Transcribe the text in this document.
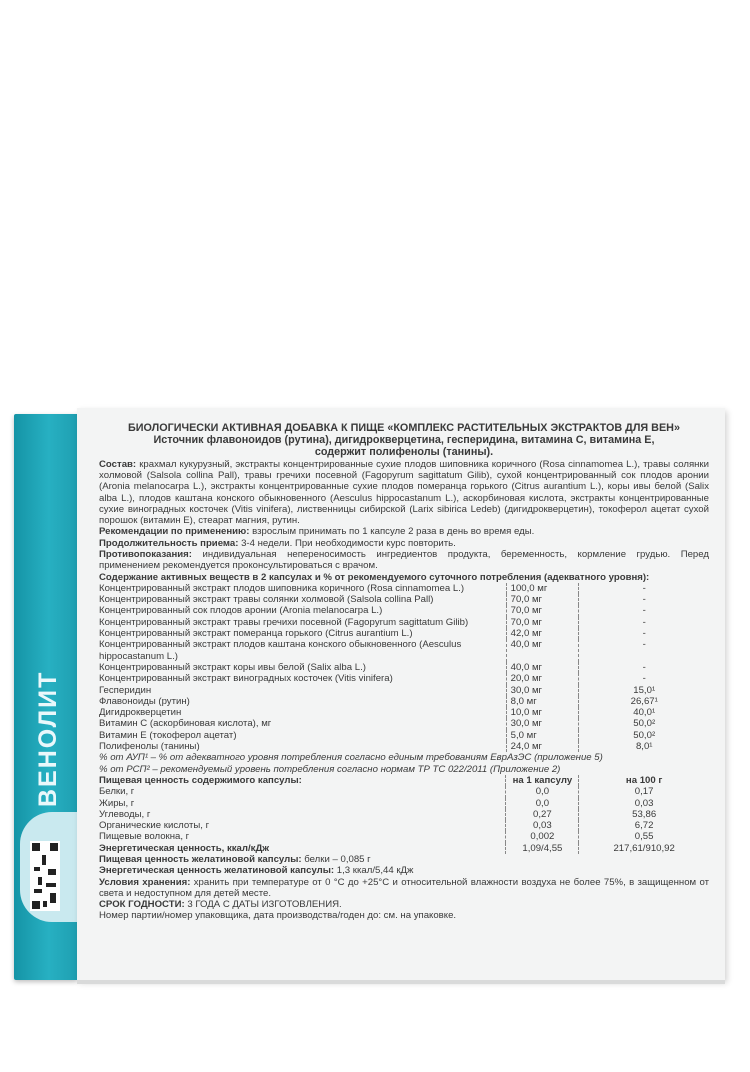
ВЕНОЛИТ
БИОЛОГИЧЕСКИ АКТИВНАЯ ДОБАВКА К ПИЩЕ «КОМПЛЕКС РАСТИТЕЛЬНЫХ ЭКСТРАКТОВ ДЛЯ ВЕН»
Источник флавоноидов (рутина), дигидрокверцетина, гесперидина, витамина С, витамина Е,
содержит полифенолы (танины).

Состав: крахмал кукурузный, экстракты концентрированные сухие плодов шиповника коричного (Rosa cinnamomea L.), травы солянки холмовой (Salsola collina Pall), травы гречихи посевной (Fagopyrum sagittatum Gilib), сухой концентрированный сок плодов аронии (Aronia melanocarpa L.), экстракты концентрированные сухие плодов померанца горького (Citrus aurantium L.), коры ивы белой (Salix alba L.), плодов каштана конского обыкновенного (Aesculus hippocastanum L.), аскорбиновая кислота, экстракты концентрированные сухие виноградных косточек (Vitis vinifera), лиственницы сибирской (Larix sibirica Ledeb) (дигидрокверцетин), токоферол ацетат сухой порошок (витамин Е), стеарат магния, рутин.

Рекомендации по применению: взрослым принимать по 1 капсуле 2 раза в день во время еды.

Продолжительность приема: 3-4 недели. При необходимости курс повторить.

Противопоказания: индивидуальная непереносимость ингредиентов продукта, беременность, кормление грудью. Перед применением рекомендуется проконсультироваться с врачом.

Содержание активных веществ в 2 капсулах и % от рекомендуемого суточного потребления (адекватного уровня):

Концентрированный экстракт плодов шиповника коричного (Rosa cinnamomea L.)	100,0 мг	-
Концентрированный экстракт травы солянки холмовой (Salsola collina Pall)	70,0 мг	-
Концентрированный сок плодов аронии (Aronia melanocarpa L.)	70,0 мг	-
Концентрированный экстракт травы гречихи посевной (Fagopyrum sagittatum Gilib)	70,0 мг	-
Концентрированный экстракт померанца горького (Citrus aurantium L.)	42,0 мг	-
Концентрированный экстракт плодов каштана конского обыкновенного (Aesculus hippocastanum L.)	40,0 мг	-
Концентрированный экстракт коры ивы белой (Salix alba L.)	40,0 мг	-
Концентрированный экстракт виноградных косточек (Vitis vinifera)	20,0 мг	-
Гесперидин	30,0 мг	15,0¹
Флавоноиды (рутин)	8,0 мг	26,67¹
Дигидрокверцетин	10,0 мг	40,0¹
Витамин С (аскорбиновая кислота), мг	30,0 мг	50,0²
Витамин Е (токоферол ацетат)	5,0 мг	50,0²
Полифенолы (танины)	24,0 мг	8,0¹
% от АУП¹ – % от адекватного уровня потребления согласно единым требованиям ЕврАзЭС (приложение 5)
% от РСП² – рекомендуемый уровень потребления согласно нормам ТР ТС 022/2011 (Приложение 2)
Пищевая ценность содержимого капсулы:	на 1 капсулу	на 100 г
Белки, г	0,0	0,17
Жиры, г	0,0	0,03
Углеводы, г	0,27	53,86
Органические кислоты, г	0,03	6,72
Пищевые волокна, г	0,002	0,55
Энергетическая ценность, ккал/кДж	1,09/4,55	217,61/910,92
Пищевая ценность желатиновой капсулы: белки – 0,085 г
Энергетическая ценность желатиновой капсулы: 1,3 ккал/5,44 кДж

Условия хранения: хранить при температуре от 0 °С до +25°С и относительной влажности воздуха не более 75%, в защищенном от света и недоступном для детей месте.

СРОК ГОДНОСТИ: 3 ГОДА С ДАТЫ ИЗГОТОВЛЕНИЯ.
Номер партии/номер упаковщика, дата производства/годен до: см. на упаковке.
